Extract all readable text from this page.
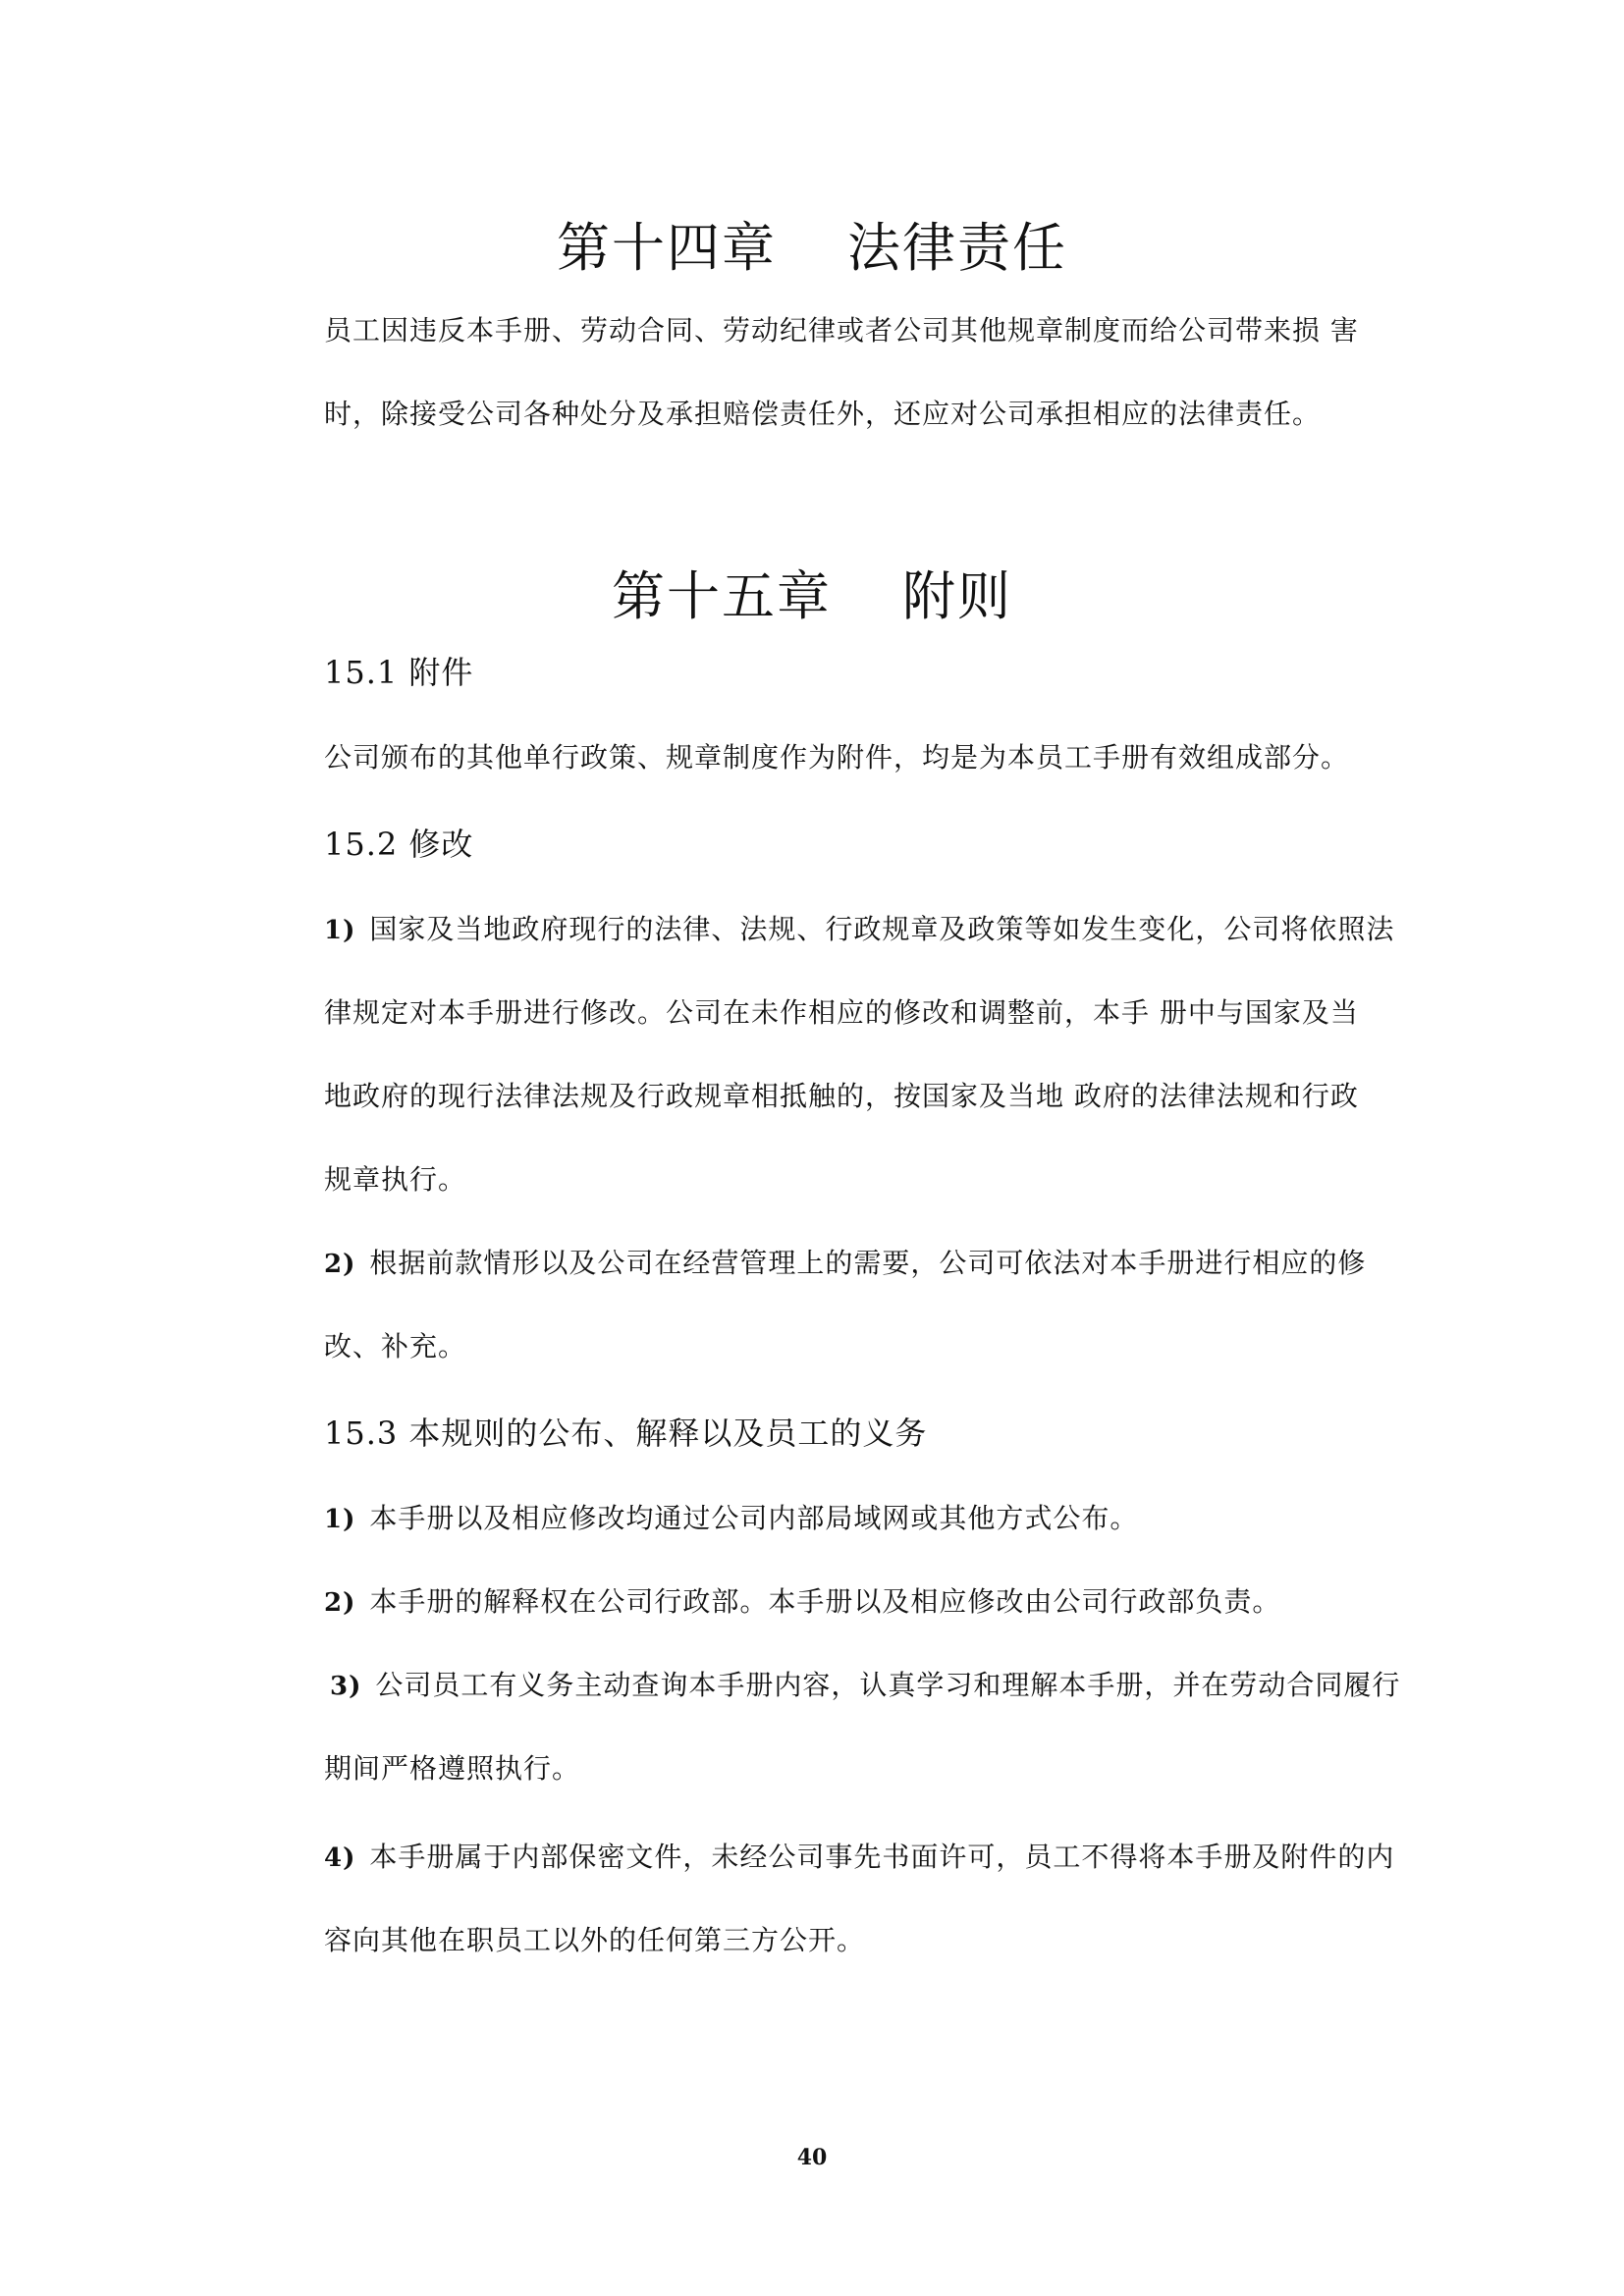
第十四章 法律责任
员工因违反本手册、劳动合同、劳动纪律或者公司其他规章制度而给公司带来损 害
时，除接受公司各种处分及承担赔偿责任外，还应对公司承担相应的法律责任。
第十五章 附则
15.1 附件
公司颁布的其他单行政策、规章制度作为附件，均是为本员工手册有效组成部分。
15.2 修改
1) 国家及当地政府现行的法律、法规、行政规章及政策等如发生变化，公司将依照法
律规定对本手册进行修改。公司在未作相应的修改和调整前，本手 册中与国家及当
地政府的现行法律法规及行政规章相抵触的，按国家及当地 政府的法律法规和行政
规章执行。
2) 根据前款情形以及公司在经营管理上的需要，公司可依法对本手册进行相应的修
改、补充。
15.3 本规则的公布、解释以及员工的义务
1) 本手册以及相应修改均通过公司内部局域网或其他方式公布。
2) 本手册的解释权在公司行政部。本手册以及相应修改由公司行政部负责。
3) 公司员工有义务主动查询本手册内容，认真学习和理解本手册，并在劳动合同履行
期间严格遵照执行。
4) 本手册属于内部保密文件，未经公司事先书面许可，员工不得将本手册及附件的内
容向其他在职员工以外的任何第三方公开。
40
